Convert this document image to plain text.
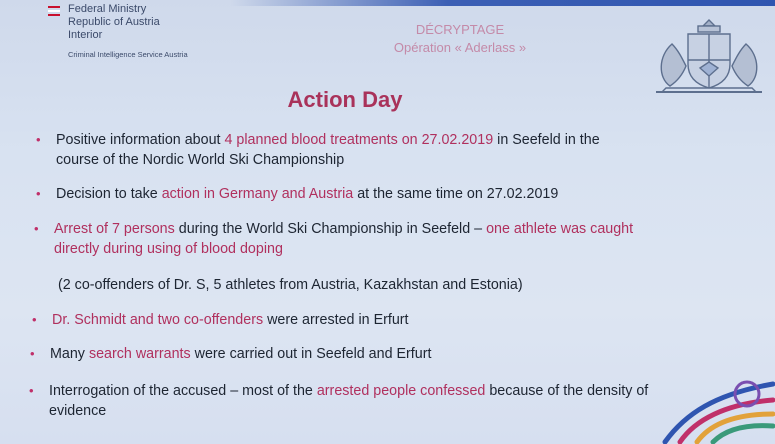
Federal Ministry
Republic of Austria
Interior
Criminal Intelligence Service Austria
DÉCRYPTAGE
Opération « Aderlass »
Action Day
• Positive information about 4 planned blood treatments on 27.02.2019 in Seefeld in the course of the Nordic World Ski Championship
• Decision to take action in Germany and Austria at the same time on 27.02.2019
• Arrest of 7 persons during the World Ski Championship in Seefeld – one athlete was caught directly during using of blood doping
(2 co-offenders of Dr. S, 5 athletes from Austria, Kazakhstan and Estonia)
• Dr. Schmidt and two co-offenders were arrested in Erfurt
• Many search warrants were carried out in Seefeld and Erfurt
• Interrogation of the accused – most of the arrested people confessed because of the density of evidence
